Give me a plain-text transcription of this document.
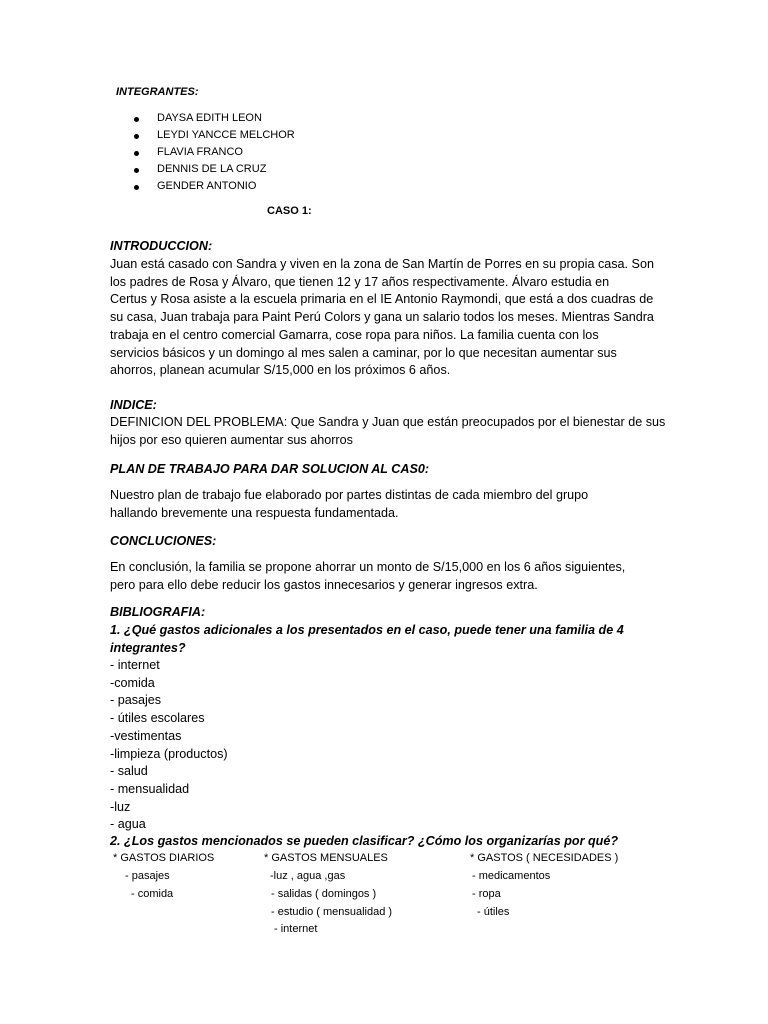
INTEGRANTES:
DAYSA EDITH LEON
LEYDI YANCCE MELCHOR
FLAVIA FRANCO
DENNIS DE LA CRUZ
GENDER ANTONIO
CASO 1:
INTRODUCCION:
Juan está casado con Sandra y viven en la zona de San Martín de Porres en su propia casa. Son
los padres de Rosa y Álvaro, que tienen 12 y 17 años respectivamente. Álvaro estudia en
Certus y Rosa asiste a la escuela primaria en el IE Antonio Raymondi, que está a dos cuadras de
su casa, Juan trabaja para Paint Perú Colors y gana un salario todos los meses. Mientras Sandra
trabaja en el centro comercial Gamarra, cose ropa para niños. La familia cuenta con los
servicios básicos y un domingo al mes salen a caminar, por lo que necesitan aumentar sus
ahorros, planean acumular S/15,000 en los próximos 6 años.
INDICE:
DEFINICION DEL PROBLEMA: Que Sandra y Juan que están preocupados por el bienestar de sus
hijos por eso quieren aumentar sus ahorros
PLAN DE TRABAJO PARA DAR SOLUCION AL CAS0:
Nuestro plan de trabajo fue elaborado por partes distintas de cada miembro del grupo
hallando brevemente una respuesta fundamentada.
CONCLUCIONES:
En conclusión, la familia se propone ahorrar un monto de S/15,000 en los 6 años siguientes,
pero para ello debe reducir los gastos innecesarios y generar ingresos extra.
BIBLIOGRAFIA:
1. ¿Qué gastos adicionales a los presentados en el caso, puede tener una familia de 4
integrantes?
- internet
-comida
- pasajes
- útiles escolares
-vestimentas
-limpieza (productos)
- salud
- mensualidad
-luz
- agua
2. ¿Los gastos mencionados se pueden clasificar? ¿Cómo los organizarías por qué?
* GASTOS DIARIOS
- pasajes
- comida
* GASTOS MENSUALES
-luz , agua ,gas
- salidas ( domingos )
- estudio ( mensualidad )
- internet
* GASTOS ( NECESIDADES )
- medicamentos
- ropa
- útiles
